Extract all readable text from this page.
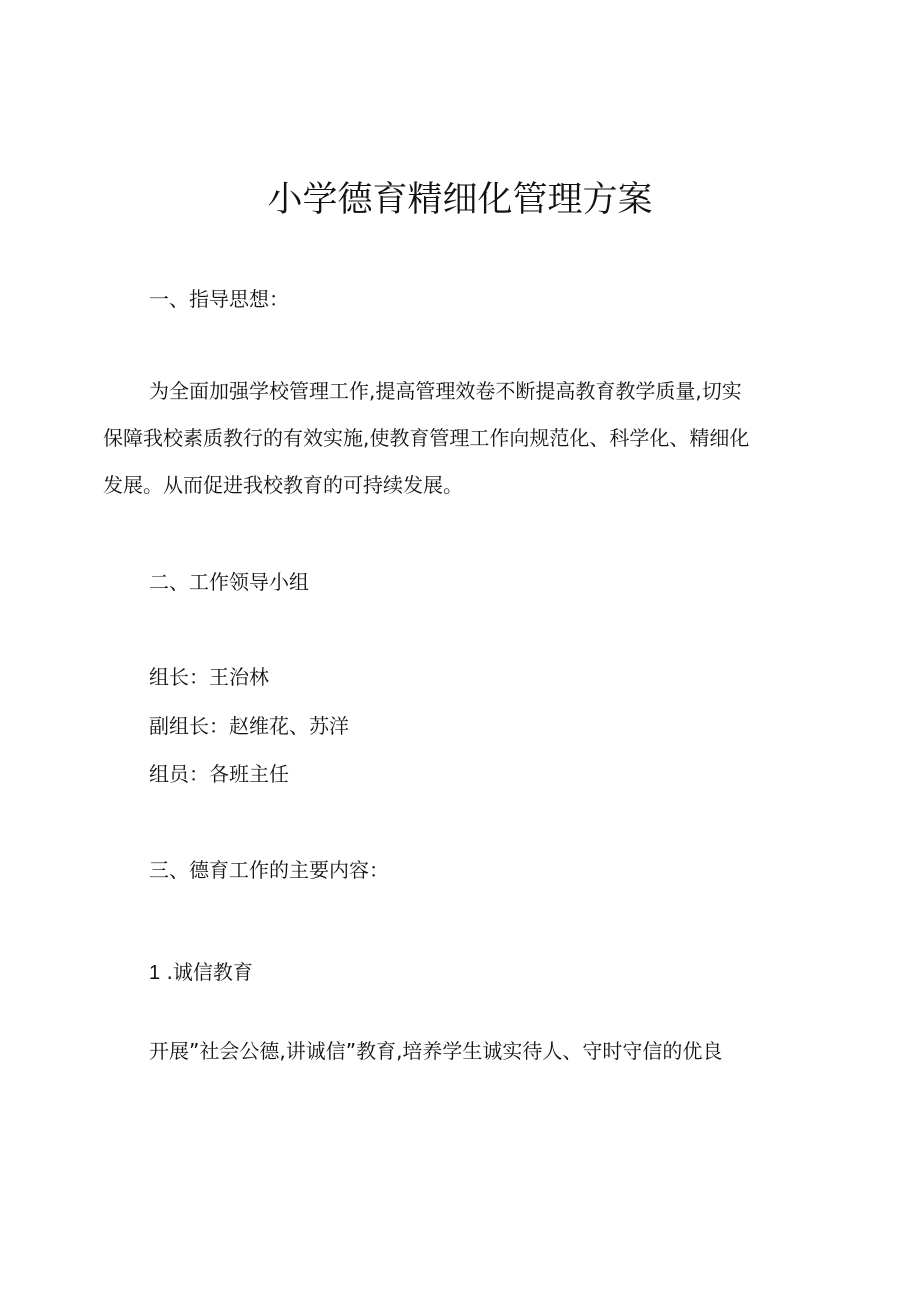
小学德育精细化管理方案

一、指导思想：

为全面加强学校管理工作,提高管理效卷不断提高教育教学质量,切实
保障我校素质教行的有效实施,使教育管理工作向规范化、科学化、精细化
发展。从而促进我校教育的可持续发展。

二、工作领导小组

组长：王治林

副组长：赵维花、苏洋

组员：各班主任

三、德育工作的主要内容：

1 .诚信教育

开展”社会公德,讲诚信”教育,培养学生诚实待人、守时守信的优良
